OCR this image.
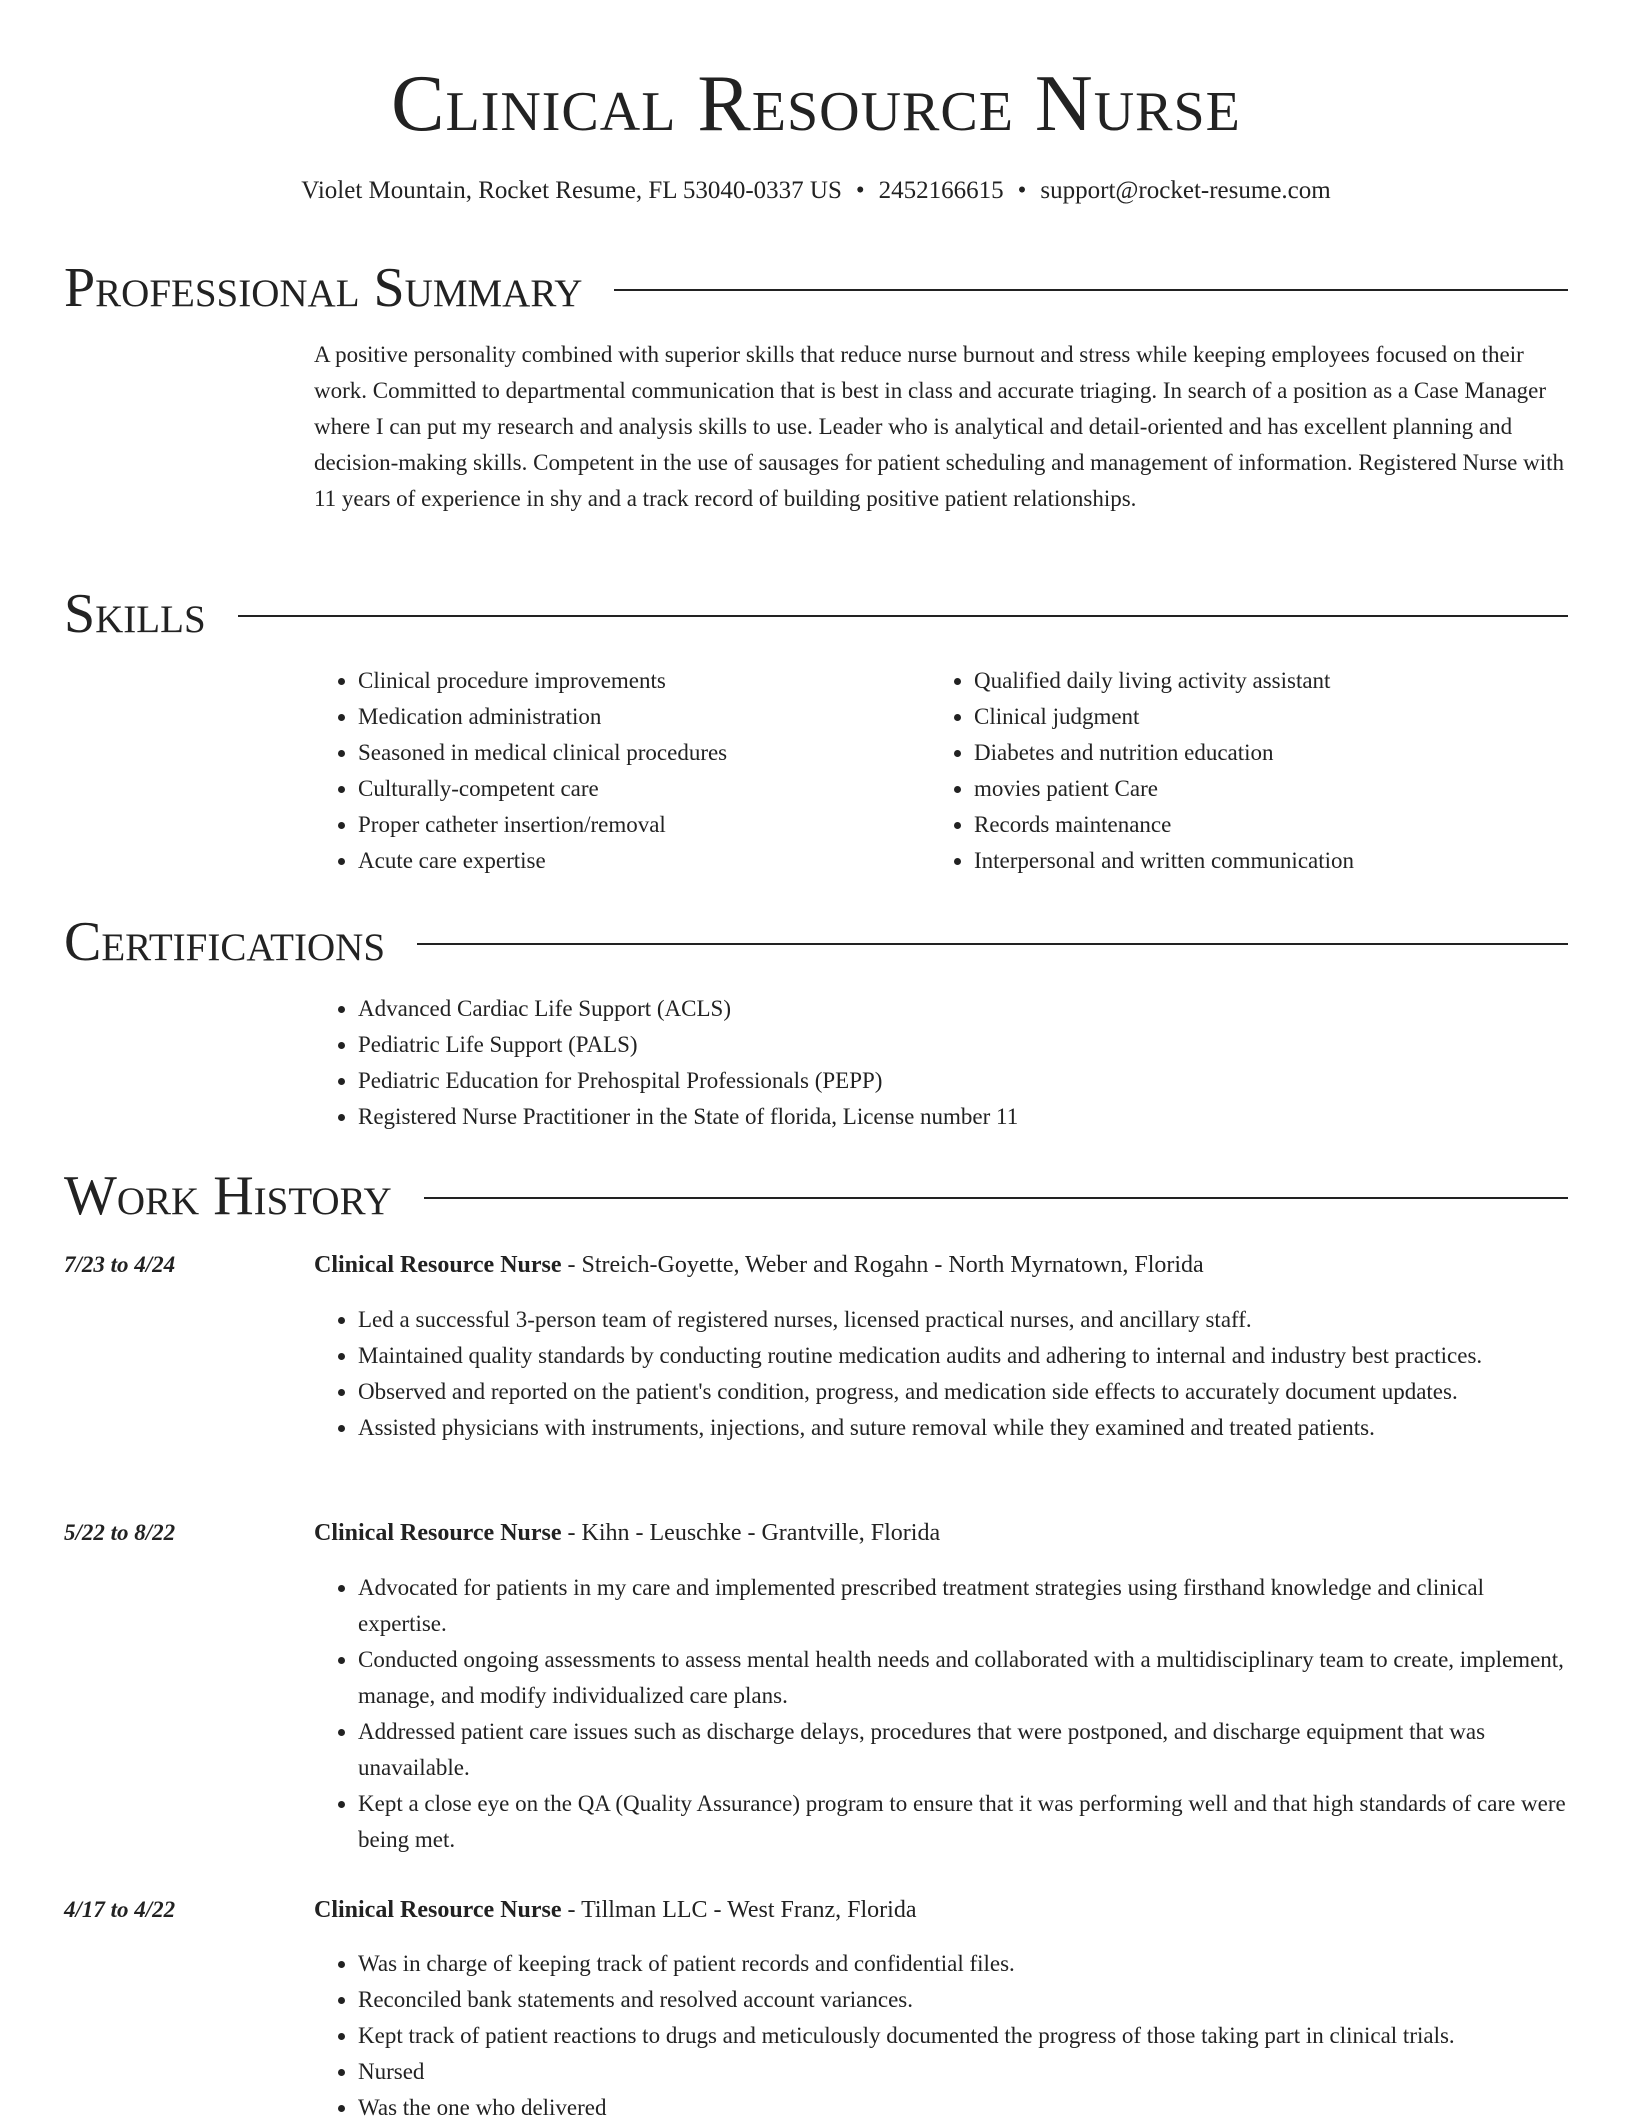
Clinical Resource Nurse
Violet Mountain, Rocket Resume, FL 53040-0337 US • 2452166615 • support@rocket-resume.com
Professional Summary
A positive personality combined with superior skills that reduce nurse burnout and stress while keeping employees focused on their work. Committed to departmental communication that is best in class and accurate triaging. In search of a position as a Case Manager where I can put my research and analysis skills to use. Leader who is analytical and detail-oriented and has excellent planning and decision-making skills. Competent in the use of sausages for patient scheduling and management of information. Registered Nurse with 11 years of experience in shy and a track record of building positive patient relationships.
Skills
• Clinical procedure improvements
• Medication administration
• Seasoned in medical clinical procedures
• Culturally-competent care
• Proper catheter insertion/removal
• Acute care expertise
• Qualified daily living activity assistant
• Clinical judgment
• Diabetes and nutrition education
• movies patient Care
• Records maintenance
• Interpersonal and written communication
Certifications
• Advanced Cardiac Life Support (ACLS)
• Pediatric Life Support (PALS)
• Pediatric Education for Prehospital Professionals (PEPP)
• Registered Nurse Practitioner in the State of florida, License number 11
Work History
7/23 to 4/24	Clinical Resource Nurse - Streich-Goyette, Weber and Rogahn - North Myrnatown, Florida
• Led a successful 3-person team of registered nurses, licensed practical nurses, and ancillary staff.
• Maintained quality standards by conducting routine medication audits and adhering to internal and industry best practices.
• Observed and reported on the patient's condition, progress, and medication side effects to accurately document updates.
• Assisted physicians with instruments, injections, and suture removal while they examined and treated patients.
5/22 to 8/22	Clinical Resource Nurse - Kihn - Leuschke - Grantville, Florida
• Advocated for patients in my care and implemented prescribed treatment strategies using firsthand knowledge and clinical expertise.
• Conducted ongoing assessments to assess mental health needs and collaborated with a multidisciplinary team to create, implement, manage, and modify individualized care plans.
• Addressed patient care issues such as discharge delays, procedures that were postponed, and discharge equipment that was unavailable.
• Kept a close eye on the QA (Quality Assurance) program to ensure that it was performing well and that high standards of care were being met.
4/17 to 4/22	Clinical Resource Nurse - Tillman LLC - West Franz, Florida
• Was in charge of keeping track of patient records and confidential files.
• Reconciled bank statements and resolved account variances.
• Kept track of patient reactions to drugs and meticulously documented the progress of those taking part in clinical trials.
• Nursed
• Was the one who delivered
